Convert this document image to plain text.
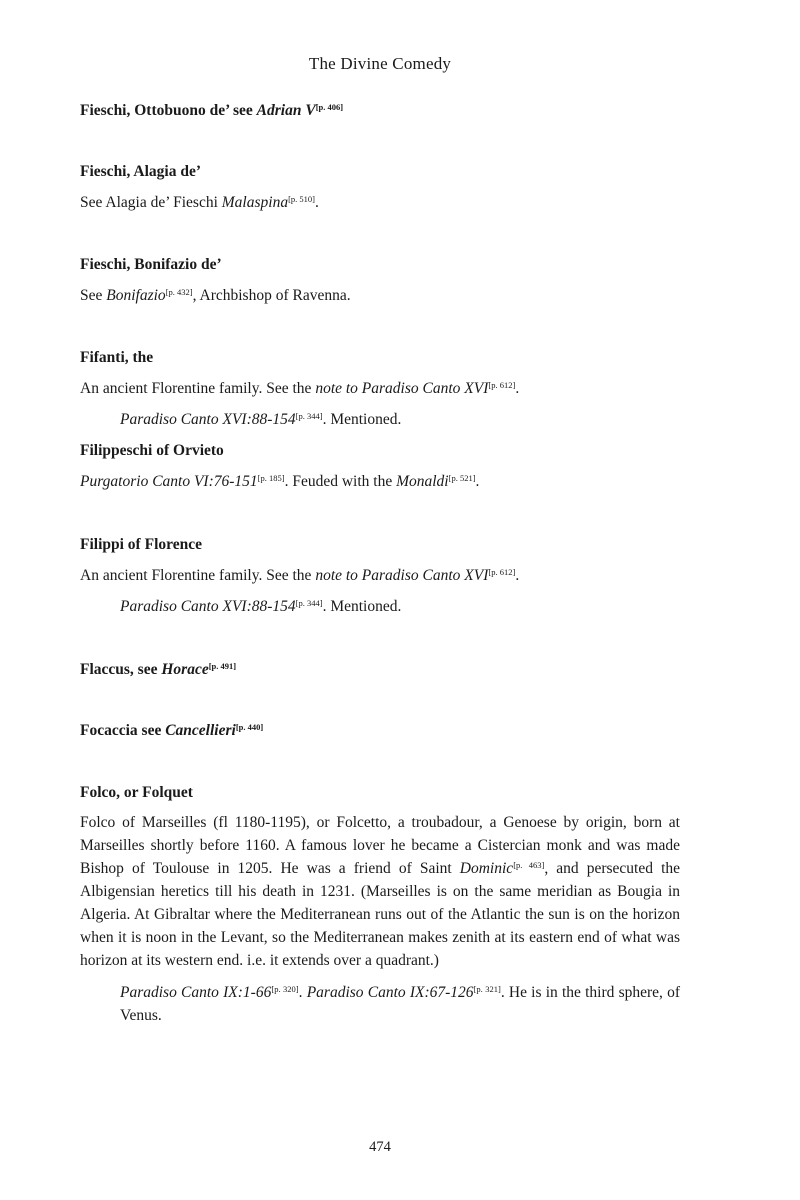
The Divine Comedy

Fieschi, Ottobuono de’ see Adrian V[p. 406]

Fieschi, Alagia de’

See Alagia de’ Fieschi Malaspina[p. 510].

Fieschi, Bonifazio de’

See Bonifazio[p. 432], Archbishop of Ravenna.

Fifanti, the

An ancient Florentine family. See the note to Paradiso Canto XVI[p. 612].

Paradiso Canto XVI:88-154[p. 344]. Mentioned.

Filippeschi of Orvieto

Purgatorio Canto VI:76-151[p. 185]. Feuded with the Monaldi[p. 521].

Filippi of Florence

An ancient Florentine family. See the note to Paradiso Canto XVI[p. 612].

Paradiso Canto XVI:88-154[p. 344]. Mentioned.

Flaccus, see Horace[p. 491]

Focaccia see Cancellieri[p. 440]

Folco, or Folquet

Folco of Marseilles (fl 1180-1195), or Folcetto, a troubadour, a Genoese by origin, born at Marseilles shortly before 1160. A famous lover he became a Cistercian monk and was made Bishop of Toulouse in 1205. He was a friend of Saint Dominic[p. 463], and persecuted the Albigensian heretics till his death in 1231. (Marseilles is on the same meridian as Bougia in Algeria. At Gibraltar where the Mediterranean runs out of the Atlantic the sun is on the horizon when it is noon in the Levant, so the Mediterranean makes zenith at its eastern end of what was horizon at its western end. i.e. it extends over a quadrant.)

Paradiso Canto IX:1-66[p. 320]. Paradiso Canto IX:67-126[p. 321]. He is in the third sphere, of Venus.

474
